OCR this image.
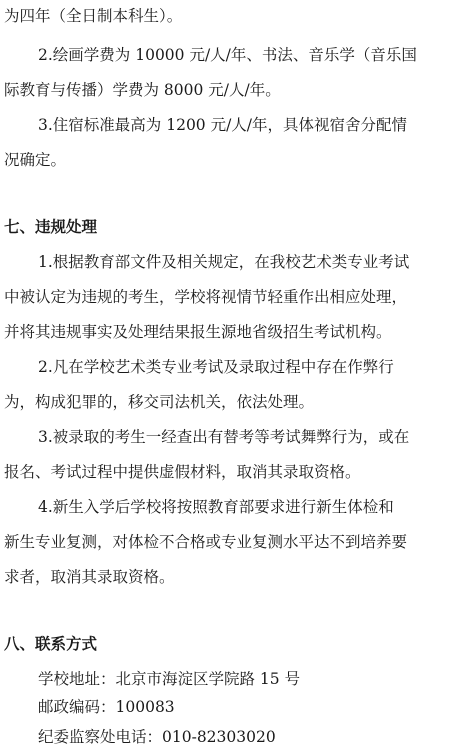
为四年（全日制本科生）。
2.绘画学费为 10000 元/人/年、书法、音乐学（音乐国
际教育与传播）学费为 8000 元/人/年。
3.住宿标准最高为 1200 元/人/年，具体视宿舍分配情
况确定。
七、违规处理
1.根据教育部文件及相关规定，在我校艺术类专业考试
中被认定为违规的考生，学校将视情节轻重作出相应处理，
并将其违规事实及处理结果报生源地省级招生考试机构。
2.凡在学校艺术类专业考试及录取过程中存在作弊行
为，构成犯罪的，移交司法机关，依法处理。
3.被录取的考生一经查出有替考等考试舞弊行为，或在
报名、考试过程中提供虚假材料，取消其录取资格。
4.新生入学后学校将按照教育部要求进行新生体检和
新生专业复测，对体检不合格或专业复测水平达不到培养要
求者，取消其录取资格。
八、联系方式
学校地址：北京市海淀区学院路 15 号
邮政编码：100083
纪委监察处电话：010-82303020
